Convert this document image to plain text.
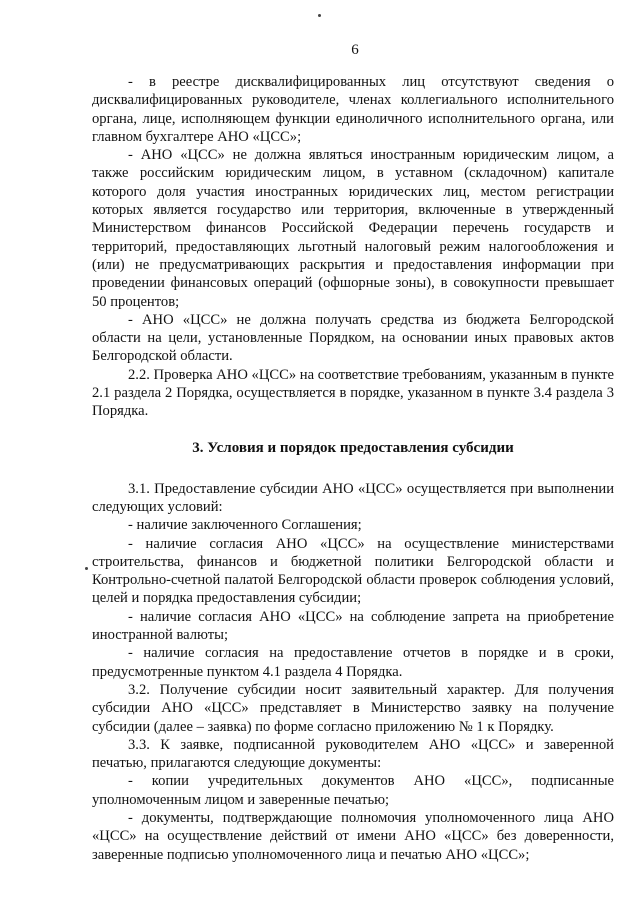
6

- в реестре дисквалифицированных лиц отсутствуют сведения о дисквалифицированных руководителе, членах коллегиального исполнительного органа, лице, исполняющем функции единоличного исполнительного органа, или главном бухгалтере АНО «ЦСС»;

- АНО «ЦСС» не должна являться иностранным юридическим лицом, а также российским юридическим лицом, в уставном (складочном) капитале которого доля участия иностранных юридических лиц, местом регистрации которых является государство или территория, включенные в утвержденный Министерством финансов Российской Федерации перечень государств и территорий, предоставляющих льготный налоговый режим налогообложения и (или) не предусматривающих раскрытия и предоставления информации при проведении финансовых операций (офшорные зоны), в совокупности превышает 50 процентов;

- АНО «ЦСС» не должна получать средства из бюджета Белгородской области на цели, установленные Порядком, на основании иных правовых актов Белгородской области.

2.2. Проверка АНО «ЦСС» на соответствие требованиям, указанным в пункте 2.1 раздела 2 Порядка, осуществляется в порядке, указанном в пункте 3.4 раздела 3 Порядка.

3. Условия и порядок предоставления субсидии

3.1. Предоставление субсидии АНО «ЦСС» осуществляется при выполнении следующих условий:

- наличие заключенного Соглашения;

- наличие согласия АНО «ЦСС» на осуществление министерствами строительства, финансов и бюджетной политики Белгородской области и Контрольно-счетной палатой Белгородской области проверок соблюдения условий, целей и порядка предоставления субсидии;

- наличие согласия АНО «ЦСС» на соблюдение запрета на приобретение иностранной валюты;

- наличие согласия на предоставление отчетов в порядке и в сроки, предусмотренные пунктом 4.1 раздела 4 Порядка.

3.2. Получение субсидии носит заявительный характер. Для получения субсидии АНО «ЦСС» представляет в Министерство заявку на получение субсидии (далее – заявка) по форме согласно приложению № 1 к Порядку.

3.3. К заявке, подписанной руководителем АНО «ЦСС» и заверенной печатью, прилагаются следующие документы:

- копии учредительных документов АНО «ЦСС», подписанные уполномоченным лицом и заверенные печатью;

- документы, подтверждающие полномочия уполномоченного лица АНО «ЦСС» на осуществление действий от имени АНО «ЦСС» без доверенности, заверенные подписью уполномоченного лица и печатью АНО «ЦСС»;
